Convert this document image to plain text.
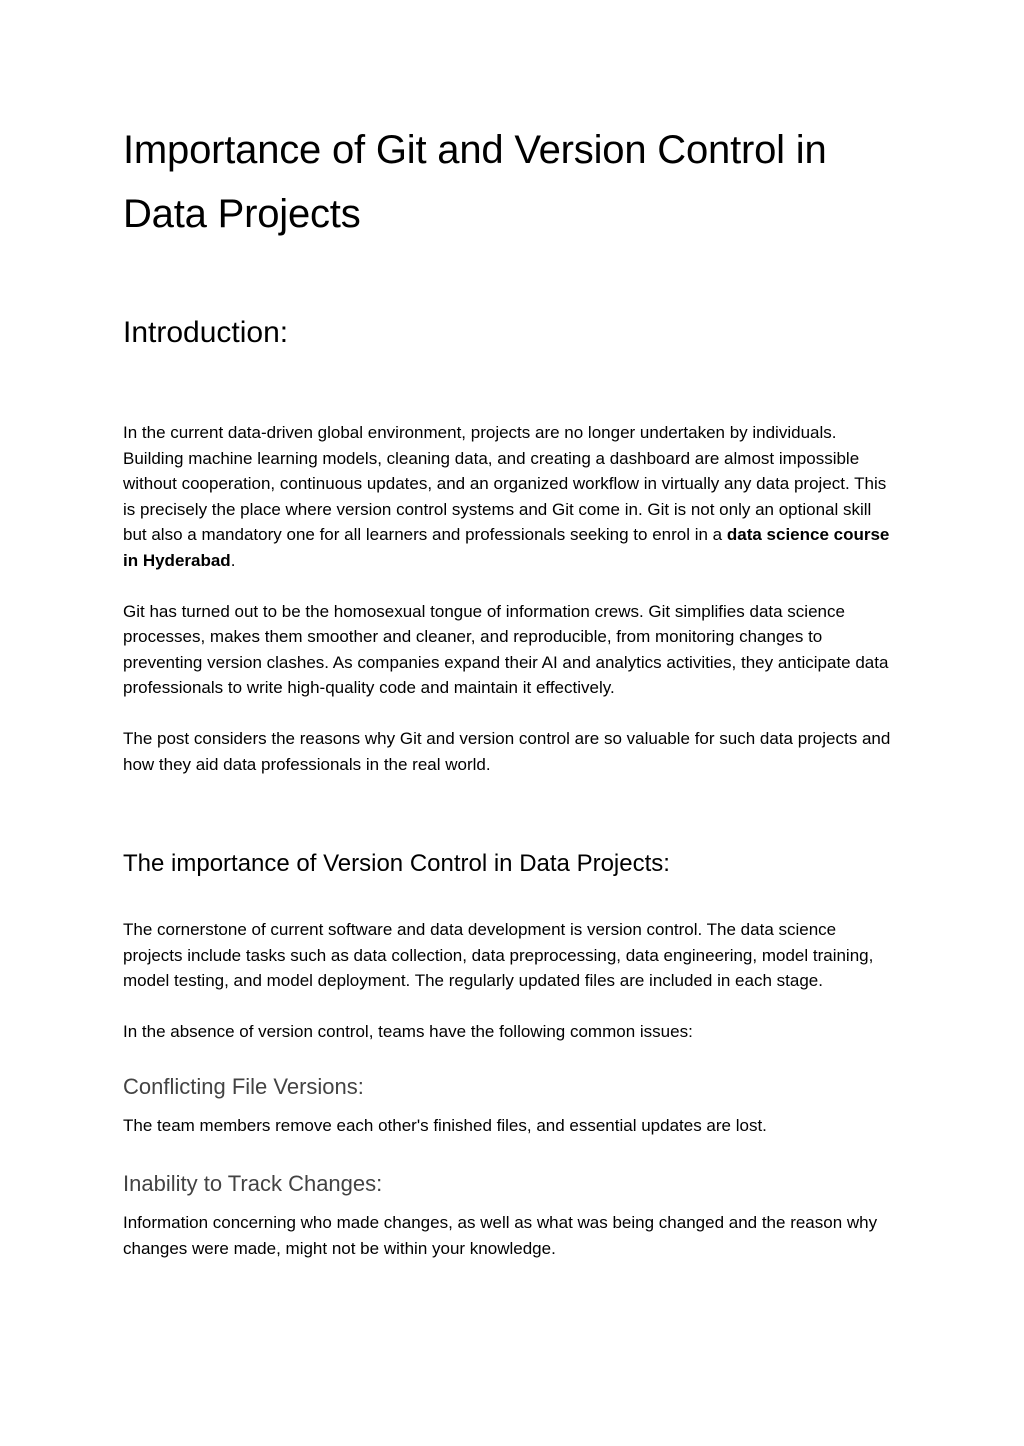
Importance of Git and Version Control in Data Projects
Introduction:

In the current data-driven global environment, projects are no longer undertaken by individuals. Building machine learning models, cleaning data, and creating a dashboard are almost impossible without cooperation, continuous updates, and an organized workflow in virtually any data project. This is precisely the place where version control systems and Git come in. Git is not only an optional skill but also a mandatory one for all learners and professionals seeking to enrol in a data science course in Hyderabad.

Git has turned out to be the homosexual tongue of information crews. Git simplifies data science processes, makes them smoother and cleaner, and reproducible, from monitoring changes to preventing version clashes. As companies expand their AI and analytics activities, they anticipate data professionals to write high-quality code and maintain it effectively.

The post considers the reasons why Git and version control are so valuable for such data projects and how they aid data professionals in the real world.

The importance of Version Control in Data Projects:

The cornerstone of current software and data development is version control. The data science projects include tasks such as data collection, data preprocessing, data engineering, model training, model testing, and model deployment. The regularly updated files are included in each stage.

In the absence of version control, teams have the following common issues:

Conflicting File Versions:

The team members remove each other's finished files, and essential updates are lost.

Inability to Track Changes:

Information concerning who made changes, as well as what was being changed and the reason why changes were made, might not be within your knowledge.
